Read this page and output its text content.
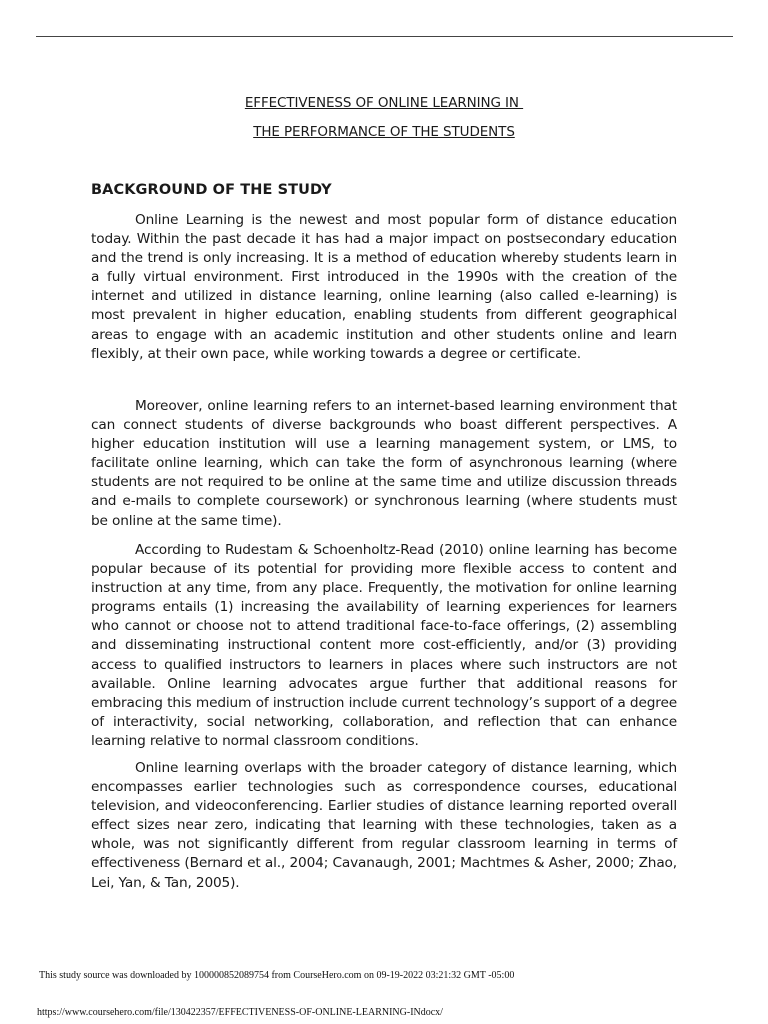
EFFECTIVENESS OF ONLINE LEARNING IN
THE PERFORMANCE OF THE STUDENTS
BACKGROUND OF THE STUDY

Online Learning is the newest and most popular form of distance education today. Within the past decade it has had a major impact on postsecondary education and the trend is only increasing. It is a method of education whereby students learn in a fully virtual environment. First introduced in the 1990s with the creation of the internet and utilized in distance learning, online learning (also called e-learning) is most prevalent in higher education, enabling students from different geographical areas to engage with an academic institution and other students online and learn flexibly, at their own pace, while working towards a degree or certificate.

Moreover, online learning refers to an internet-based learning environment that can connect students of diverse backgrounds who boast different perspectives. A higher education institution will use a learning management system, or LMS, to facilitate online learning, which can take the form of asynchronous learning (where students are not required to be online at the same time and utilize discussion threads and e-mails to complete coursework) or synchronous learning (where students must be online at the same time).

According to Rudestam & Schoenholtz-Read (2010) online learning has become popular because of its potential for providing more flexible access to content and instruction at any time, from any place. Frequently, the motivation for online learning programs entails (1) increasing the availability of learning experiences for learners who cannot or choose not to attend traditional face-to-face offerings, (2) assembling and disseminating instructional content more cost-efficiently, and/or (3) providing access to qualified instructors to learners in places where such instructors are not available. Online learning advocates argue further that additional reasons for embracing this medium of instruction include current technology’s support of a degree of interactivity, social networking, collaboration, and reflection that can enhance learning relative to normal classroom conditions.

Online learning overlaps with the broader category of distance learning, which encompasses earlier technologies such as correspondence courses, educational television, and videoconferencing. Earlier studies of distance learning reported overall effect sizes near zero, indicating that learning with these technologies, taken as a whole, was not significantly different from regular classroom learning in terms of effectiveness (Bernard et al., 2004; Cavanaugh, 2001; Machtmes & Asher, 2000; Zhao, Lei, Yan, & Tan, 2005).

This study source was downloaded by 100000852089754 from CourseHero.com on 09-19-2022 03:21:32 GMT -05:00
https://www.coursehero.com/file/130422357/EFFECTIVENESS-OF-ONLINE-LEARNING-INdocx/
